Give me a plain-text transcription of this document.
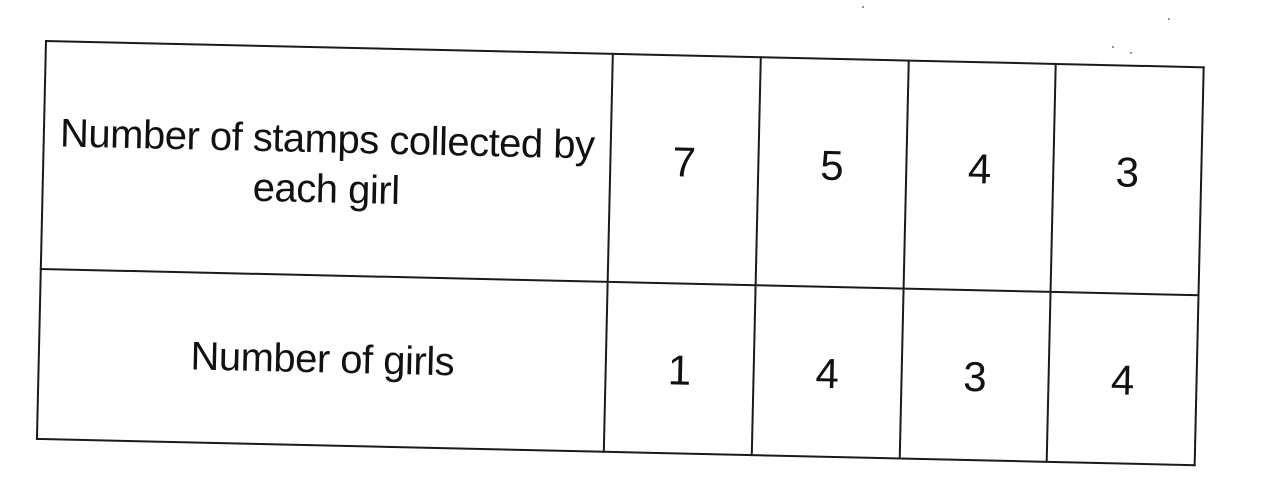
Number of stamps collected by each girl	7	5	4	3
Number of girls	1	4	3	4
